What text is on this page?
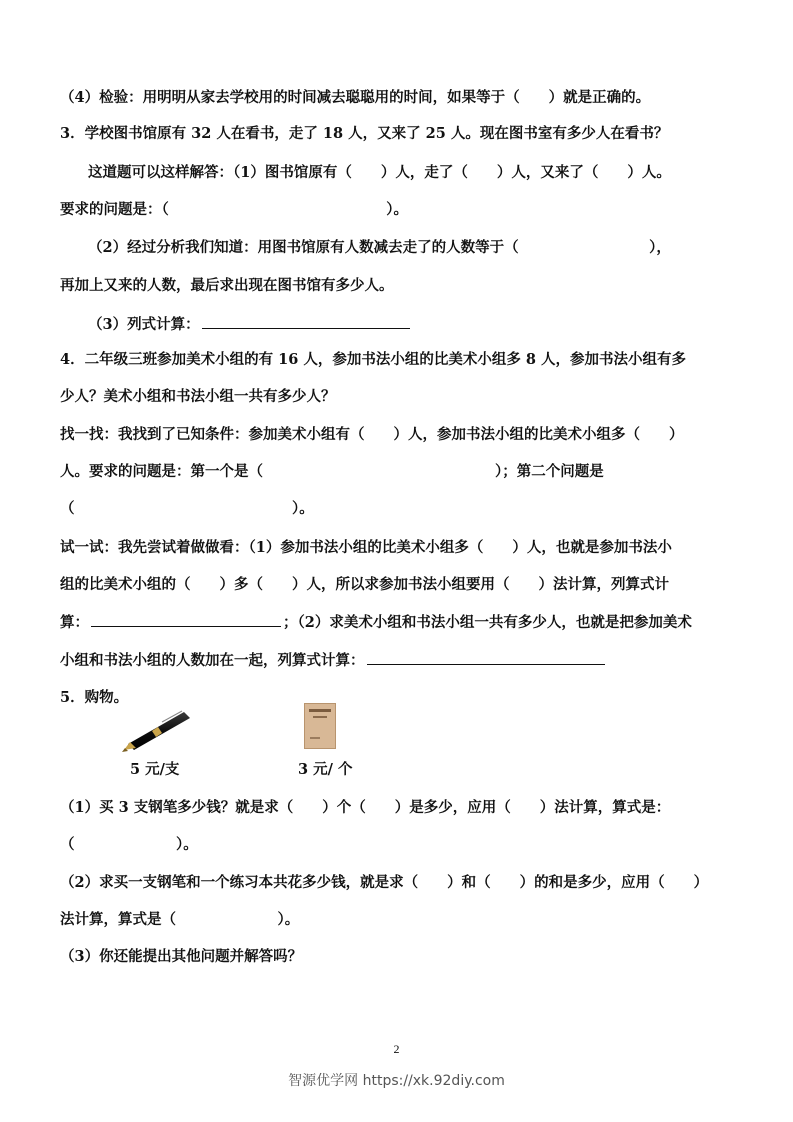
（4）检验：用明明从家去学校用的时间减去聪聪用的时间，如果等于（　　）就是正确的。
3．学校图书馆原有 32 人在看书，走了 18 人，又来了 25 人。现在图书室有多少人在看书？
这道题可以这样解答：（1）图书馆原有（　　）人，走了（　　）人，又来了（　　）人。
要求的问题是：（　　　　　　　　　　　　　　　）。
（2）经过分析我们知道：用图书馆原有人数减去走了的人数等于（　　　　　　　　　），
再加上又来的人数，最后求出现在图书馆有多少人。
（3）列式计算：
4．二年级三班参加美术小组的有 16 人，参加书法小组的比美术小组多 8 人，参加书法小组有多
少人？美术小组和书法小组一共有多少人？
找一找：我找到了已知条件：参加美术小组有（　　）人，参加书法小组的比美术小组多（　　）
人。要求的问题是：第一个是（　　　　　　　　　　　　　　　　）；第二个问题是
（　　　　　　　　　　　　　　　）。
试一试：我先尝试着做做看：（1）参加书法小组的比美术小组多（　　）人，也就是参加书法小
组的比美术小组的（　　）多（　　）人，所以求参加书法小组要用（　　）法计算，列算式计
算：	；（2）求美术小组和书法小组一共有多少人，也就是把参加美术
小组和书法小组的人数加在一起，列算式计算：
5．购物。
5 元/支	3 元/ 个
（1）买 3 支钢笔多少钱？就是求（　　）个（　　）是多少，应用（　　）法计算，算式是：
（　　　　　　　）。
（2）求买一支钢笔和一个练习本共花多少钱，就是求（　　）和（　　）的和是多少，应用（　　）
法计算，算式是（　　　　　　　）。
（3）你还能提出其他问题并解答吗？
2
智源优学网 https://xk.92diy.com
